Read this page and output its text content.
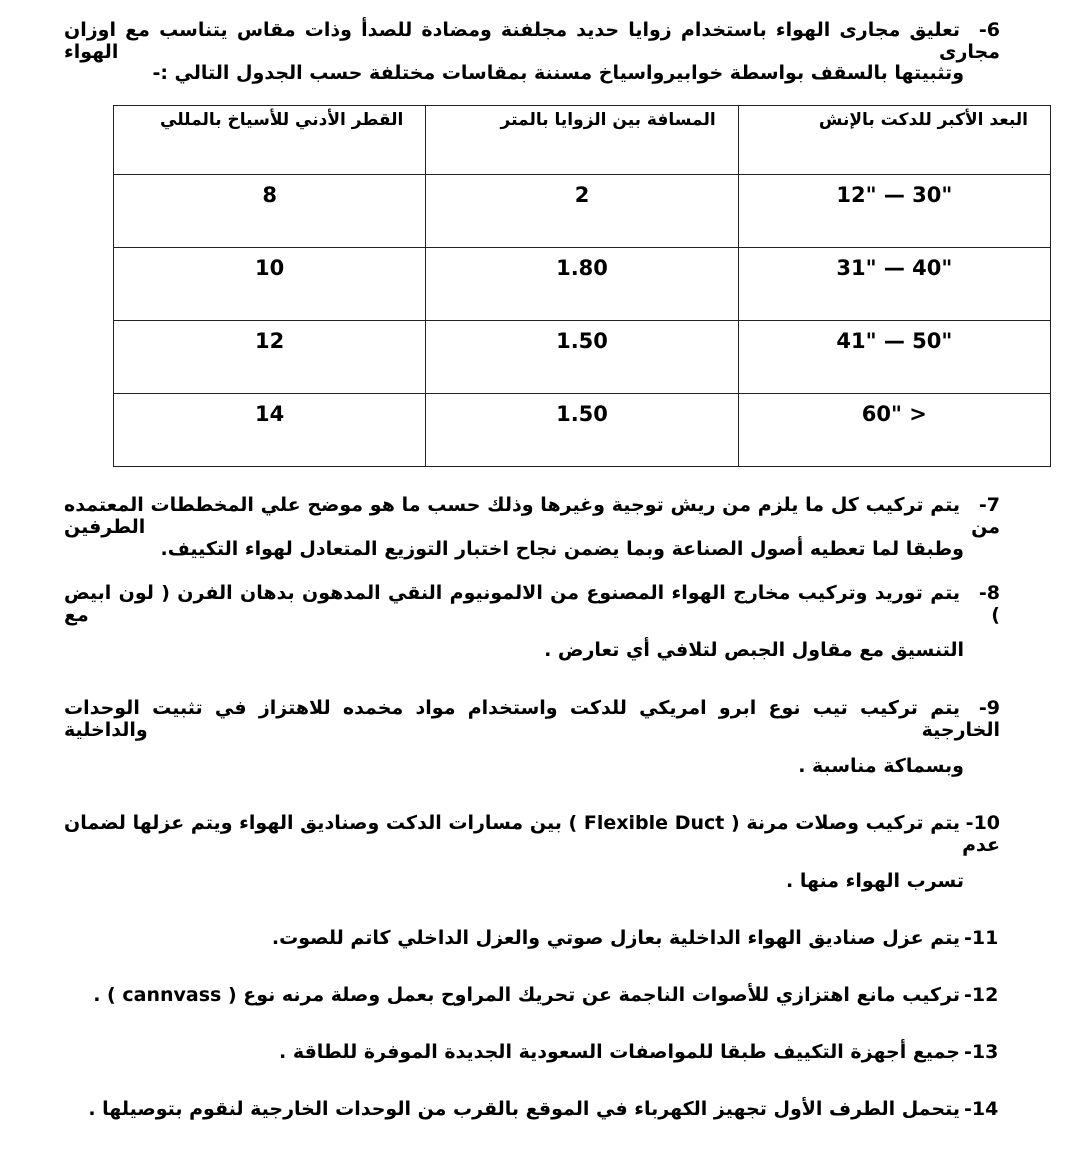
6-تعليق مجارى الهواء باستخدام زوايا حديد مجلفنة ومضادة للصدأ وذات مقاس يتناسب مع اوزان مجارى الهواء
وتثبيتها بالسقف بواسطة خوابيرواسياخ مسننة بمقاسات مختلفة حسب الجدول التالي :-
البعد الأكبر للدكت بالإنش	المسافة بين الزوايا بالمتر	القطر الأدني للأسياخ بالمللي
12" — 30"	2	8
31" — 40"	1.80	10
41" — 50"	1.50	12
60" >	1.50	14
7-يتم تركيب كل ما يلزم من ريش توجية وغيرها وذلك حسب ما هو موضح علي المخططات المعتمده من الطرفين
وطبقا لما تعطيه أصول الصناعة وبما يضمن نجاح اختبار التوزيع المتعادل لهواء التكييف.
8-يتم توريد وتركيب مخارج الهواء المصنوع من الالمونيوم النقي المدهون بدهان الفرن ( لون ابيض ) مع
التنسيق مع مقاول الجبص لتلافي أي تعارض .
9-يتم تركيب تيب نوع ابرو امريكي للدكت واستخدام مواد مخمده للاهتزاز في تثبيت الوحدات الخارجية والداخلية
وبسماكة مناسبة .
10-يتم تركيب وصلات مرنة ( Flexible Duct ) بين مسارات الدكت وصناديق الهواء ويتم عزلها لضمان عدم
تسرب الهواء منها .
11-يتم عزل صناديق الهواء الداخلية بعازل صوتي والعزل الداخلي كاتم للصوت.
12-تركيب مانع اهتزازي للأصوات الناجمة عن تحريك المراوح بعمل وصلة مرنه نوع ( cannvass ) .
13-جميع أجهزة التكييف طبقا للمواصفات السعودية الجديدة الموفرة للطاقة .
14-يتحمل الطرف الأول تجهيز الكهرباء في الموقع بالقرب من الوحدات الخارجية لنقوم بتوصيلها .
